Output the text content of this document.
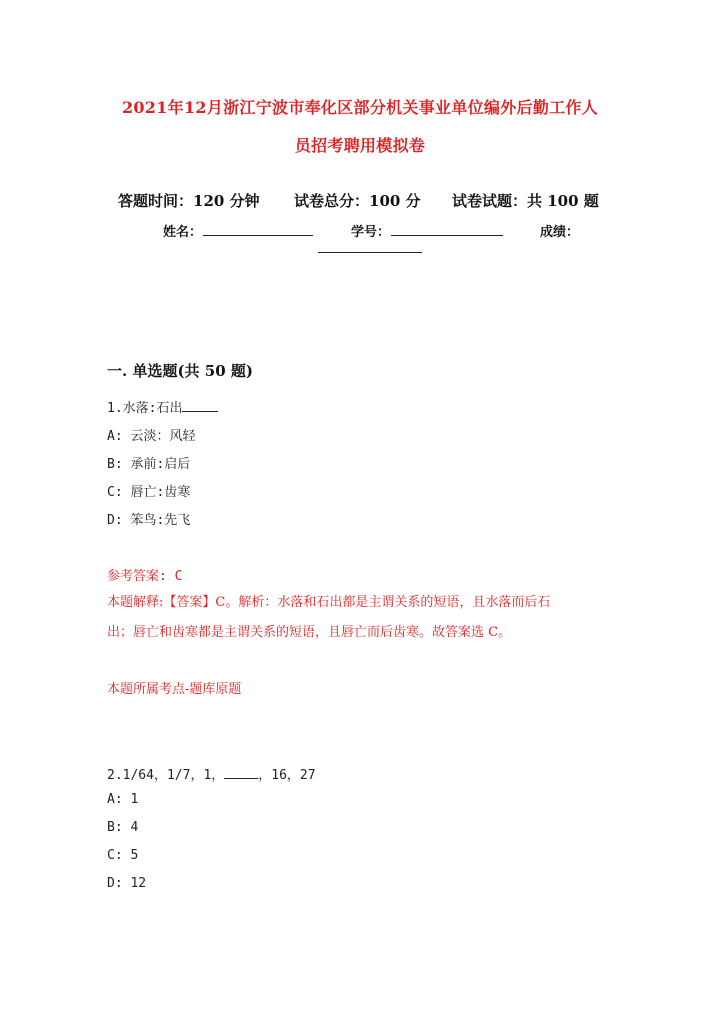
2021年12月浙江宁波市奉化区部分机关事业单位编外后勤工作人
员招考聘用模拟卷
答题时间：120 分钟 试卷总分：100 分 试卷试题：共 100 题
姓名：	学号：	成绩：
一. 单选题(共 50 题)
1.水落:石出
A: 云淡：风轻
B: 承前:启后
C: 唇亡:齿寒
D: 笨鸟:先飞
参考答案: C
本题解释:【答案】C。解析：水落和石出都是主谓关系的短语，且水落而后石
出；唇亡和齿寒都是主谓关系的短语，且唇亡而后齿寒。故答案选 C。
本题所属考点-题库原题
2.1/64，1/7，1，	，16，27
A: 1
B: 4
C: 5
D: 12
